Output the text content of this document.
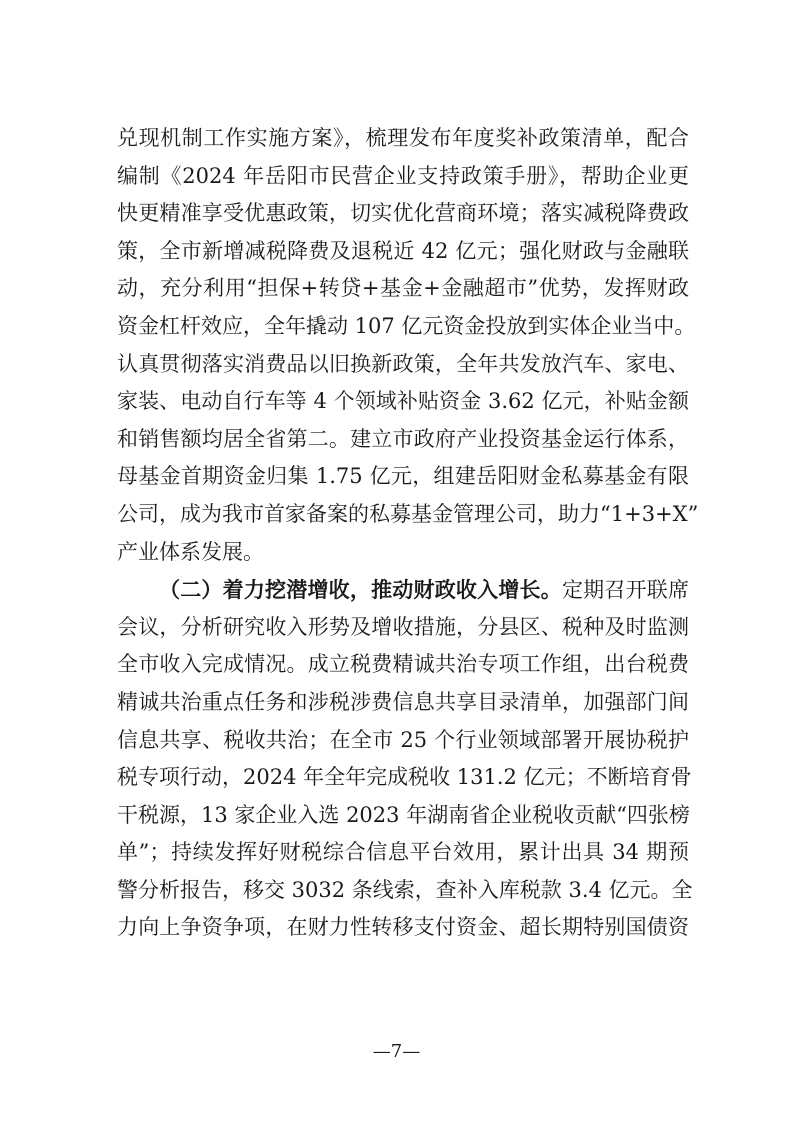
兑现机制工作实施方案》，梳理发布年度奖补政策清单，配合
编制《2024 年岳阳市民营企业支持政策手册》，帮助企业更
快更精准享受优惠政策，切实优化营商环境；落实减税降费政
策，全市新增减税降费及退税近 42 亿元；强化财政与金融联
动，充分利用“担保+转贷+基金+金融超市”优势，发挥财政
资金杠杆效应，全年撬动 107 亿元资金投放到实体企业当中。
认真贯彻落实消费品以旧换新政策，全年共发放汽车、家电、
家装、电动自行车等 4 个领域补贴资金 3.62 亿元，补贴金额
和销售额均居全省第二。建立市政府产业投资基金运行体系，
母基金首期资金归集 1.75 亿元，组建岳阳财金私募基金有限
公司，成为我市首家备案的私募基金管理公司，助力“1+3+X”
产业体系发展。
（二）着力挖潜增收，推动财政收入增长。定期召开联席
会议，分析研究收入形势及增收措施，分县区、税种及时监测
全市收入完成情况。成立税费精诚共治专项工作组，出台税费
精诚共治重点任务和涉税涉费信息共享目录清单，加强部门间
信息共享、税收共治；在全市 25 个行业领域部署开展协税护
税专项行动，2024 年全年完成税收 131.2 亿元；不断培育骨
干税源，13 家企业入选 2023 年湖南省企业税收贡献“四张榜
单”；持续发挥好财税综合信息平台效用，累计出具 34 期预
警分析报告，移交 3032 条线索，查补入库税款 3.4 亿元。全
力向上争资争项，在财力性转移支付资金、超长期特别国债资
—7—
